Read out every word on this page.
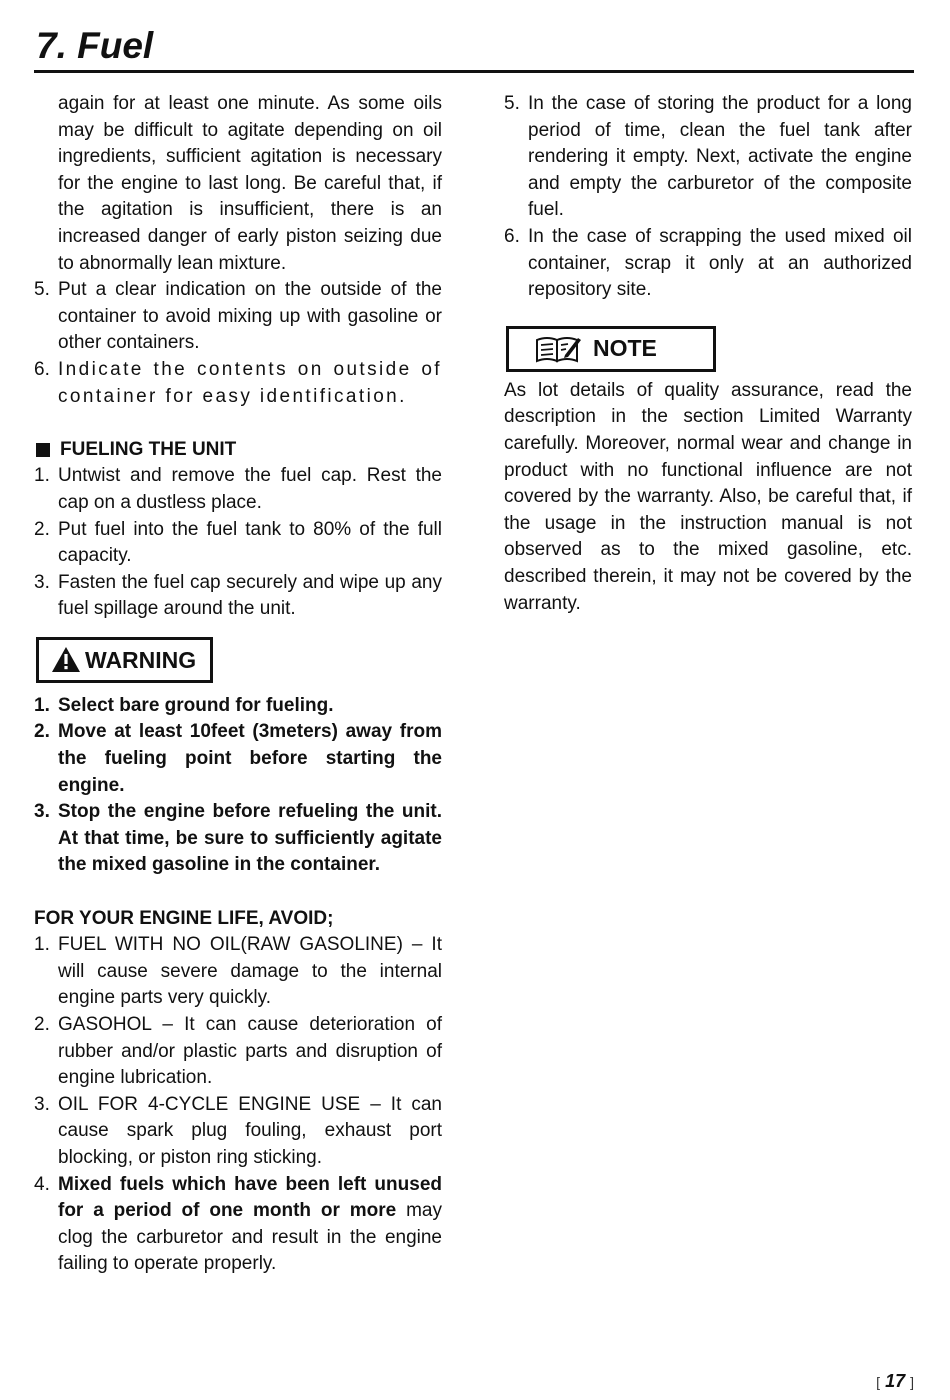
7. Fuel

again for at least one minute. As some oils may be difficult to agitate depending on oil ingredients, sufficient agitation is necessary for the engine to last long. Be careful that, if the agitation is insufficient, there is an increased danger of early piston seizing due to abnormally lean mixture.

5. Put a clear indication on the outside of the container to avoid mixing up with gasoline or other containers.
6. Indicate the contents on outside of container for easy identification.
FUELING THE UNIT
1. Untwist and remove the fuel cap. Rest the cap on a dustless place.
2. Put fuel into the fuel tank to 80% of the full capacity.
3. Fasten the fuel cap securely and wipe up any fuel spillage around the unit.
WARNING
1. Select bare ground for fueling.
2. Move at least 10feet (3meters) away from the fueling point before starting the engine.
3. Stop the engine before refueling the unit. At that time, be sure to sufficiently agitate the mixed gasoline in the container.
FOR YOUR ENGINE LIFE, AVOID;
1. FUEL WITH NO OIL(RAW GASOLINE) – It will cause severe damage to the internal engine parts very quickly.
2. GASOHOL – It can cause deterioration of rubber and/or plastic parts and disruption of engine lubrication.
3. OIL FOR 4-CYCLE ENGINE USE – It can cause spark plug fouling, exhaust port blocking, or piston ring sticking.
4. Mixed fuels which have been left unused for a period of one month or more may clog the carburetor and result in the engine failing to operate properly.
5. In the case of storing the product for a long period of time, clean the fuel tank after rendering it empty. Next, activate the engine and empty the carburetor of the composite fuel.
6. In the case of scrapping the used mixed oil container, scrap it only at an authorized repository site.
NOTE

As lot details of quality assurance, read the description in the section Limited Warranty carefully. Moreover, normal wear and change in product with no functional influence are not covered by the warranty. Also, be careful that, if the usage in the instruction manual is not observed as to the mixed gasoline, etc. described therein, it may not be covered by the warranty.

[ 17 ]
